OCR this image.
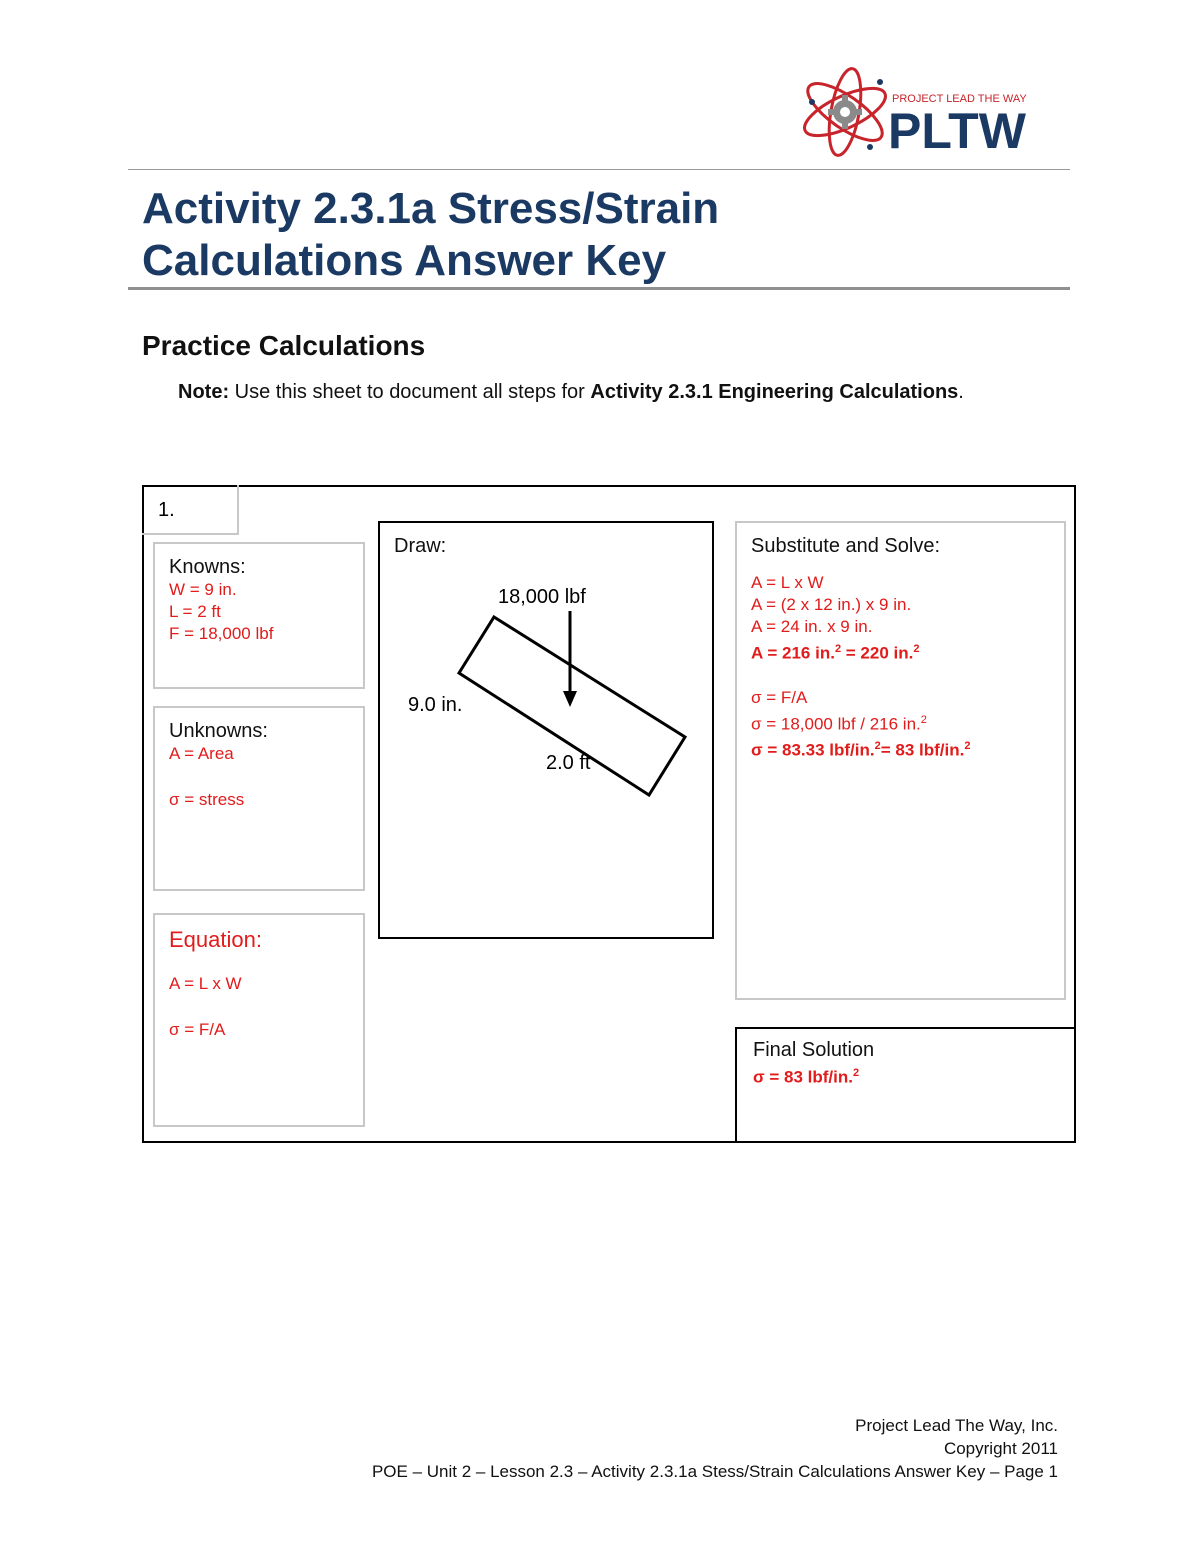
PROJECT LEAD THE WAY
PLTW
Activity 2.3.1a Stress/Strain
Calculations Answer Key
Practice Calculations
Note: Use this sheet to document all steps for Activity 2.3.1 Engineering Calculations.
1.
Knowns:
W = 9 in.
L = 2 ft
F = 18,000 lbf
Unknowns:
A = Area
σ = stress
Equation:
A = L x W
σ = F/A
Draw:
18,000 lbf
9.0 in.
2.0 ft
Substitute and Solve:
A = L x W
A = (2 x 12 in.) x 9 in.
A = 24 in. x 9 in.
A = 216 in.$^2$ = 220 in.$^2$
σ = F/A
σ = 18,000 lbf / 216 in.$^2$
σ = 83.33 lbf/in.$^2$= 83 lbf/in.$^2$
Final Solution
σ = 83 lbf/in.$^2$
Project Lead The Way, Inc.
Copyright 2011
POE – Unit 2 – Lesson 2.3 – Activity 2.3.1a Stess/Strain Calculations Answer Key – Page 1
